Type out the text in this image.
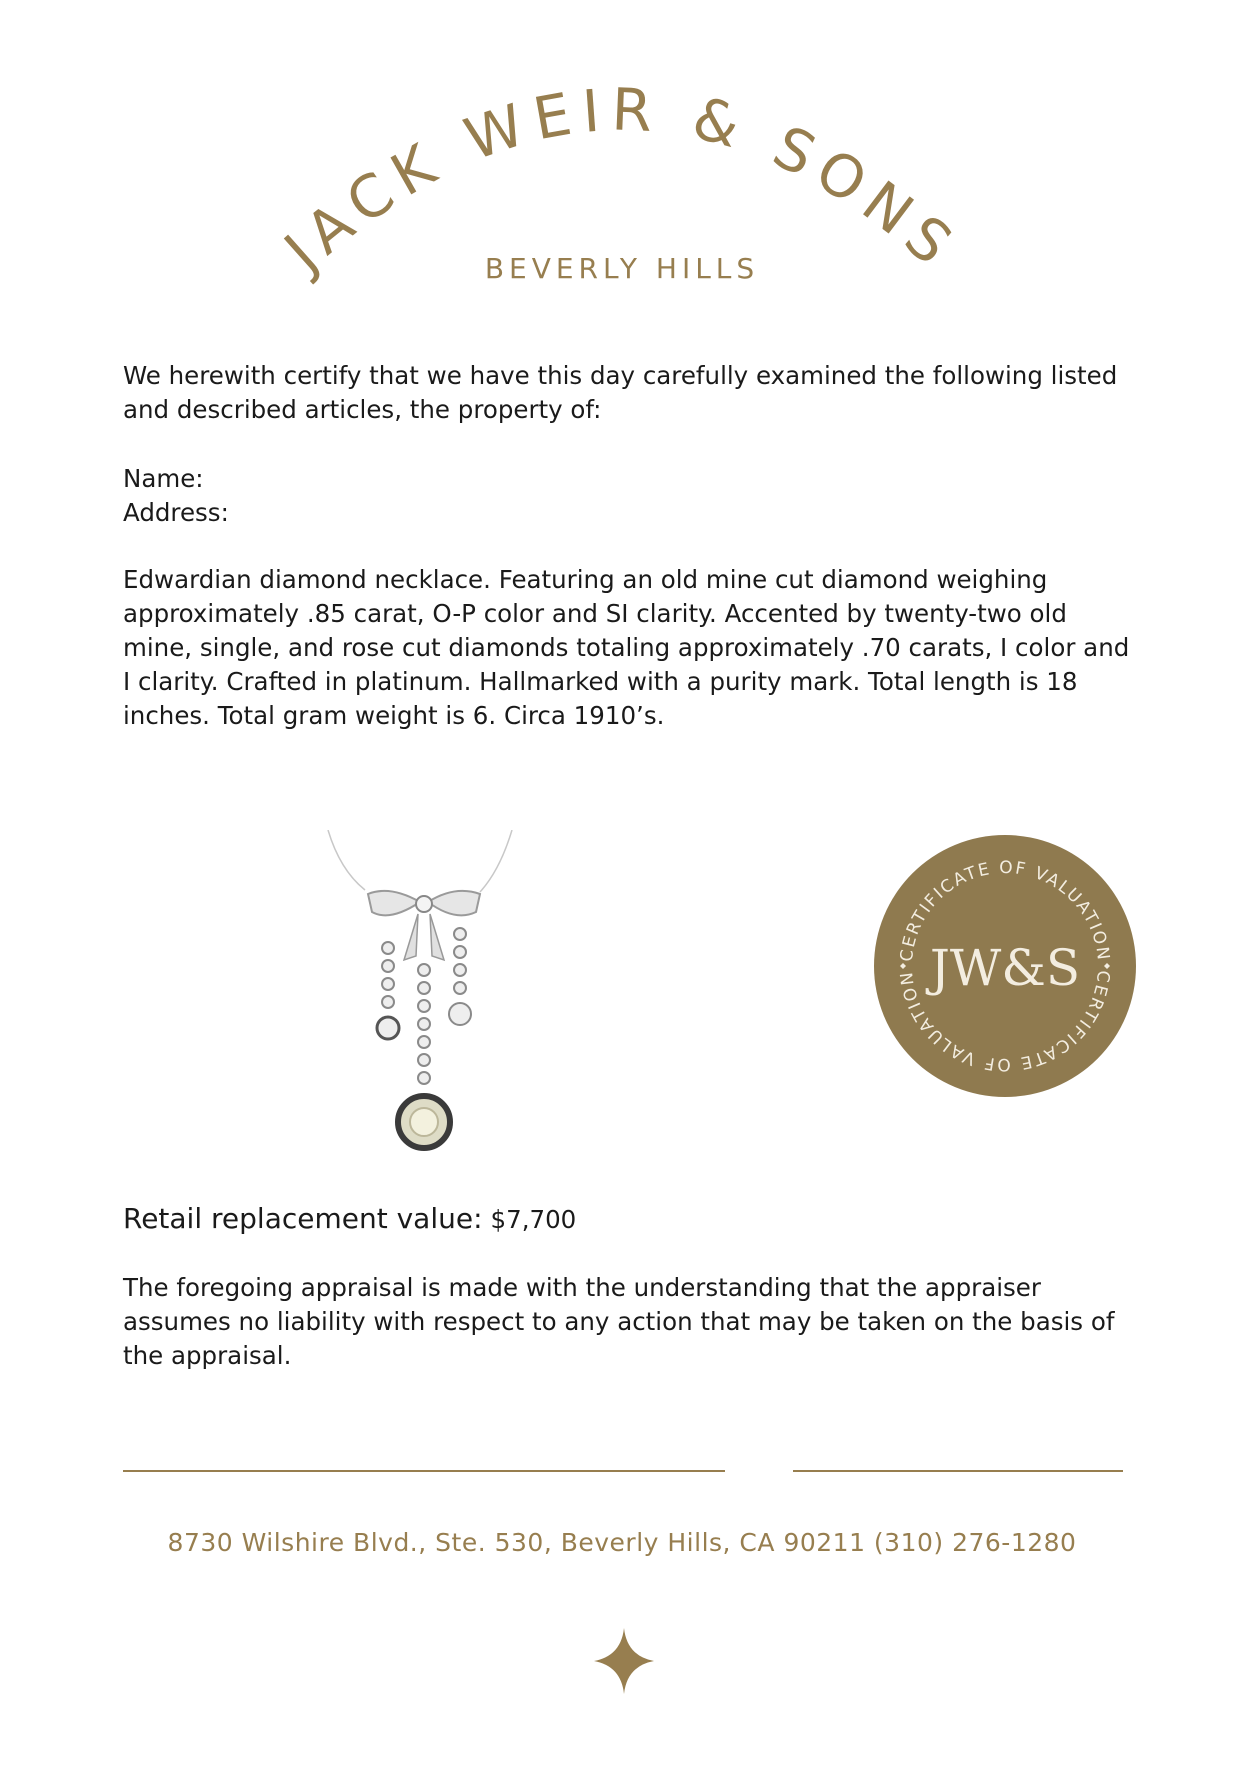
JACK WEIR & SONS
BEVERLY HILLS

We herewith certify that we have this day carefully examined the following listed and described articles, the property of:

Name:
Address:

Edwardian diamond necklace. Featuring an old mine cut diamond weighing approximately .85 carat, O-P color and SI clarity. Accented by twenty-two old mine, single, and rose cut diamonds totaling approximately .70 carats, I color and I clarity. Crafted in platinum. Hallmarked with a purity mark. Total length is 18 inches. Total gram weight is 6. Circa 1910’s.

CERTIFICATE OF VALUATION
CERTIFICATE OF VALUATION JW&S
Retail replacement value: $7,700

The foregoing appraisal is made with the understanding that the appraiser assumes no liability with respect to any action that may be taken on the basis of the appraisal.

8730 Wilshire Blvd., Ste. 530, Beverly Hills, CA 90211 (310) 276-1280
